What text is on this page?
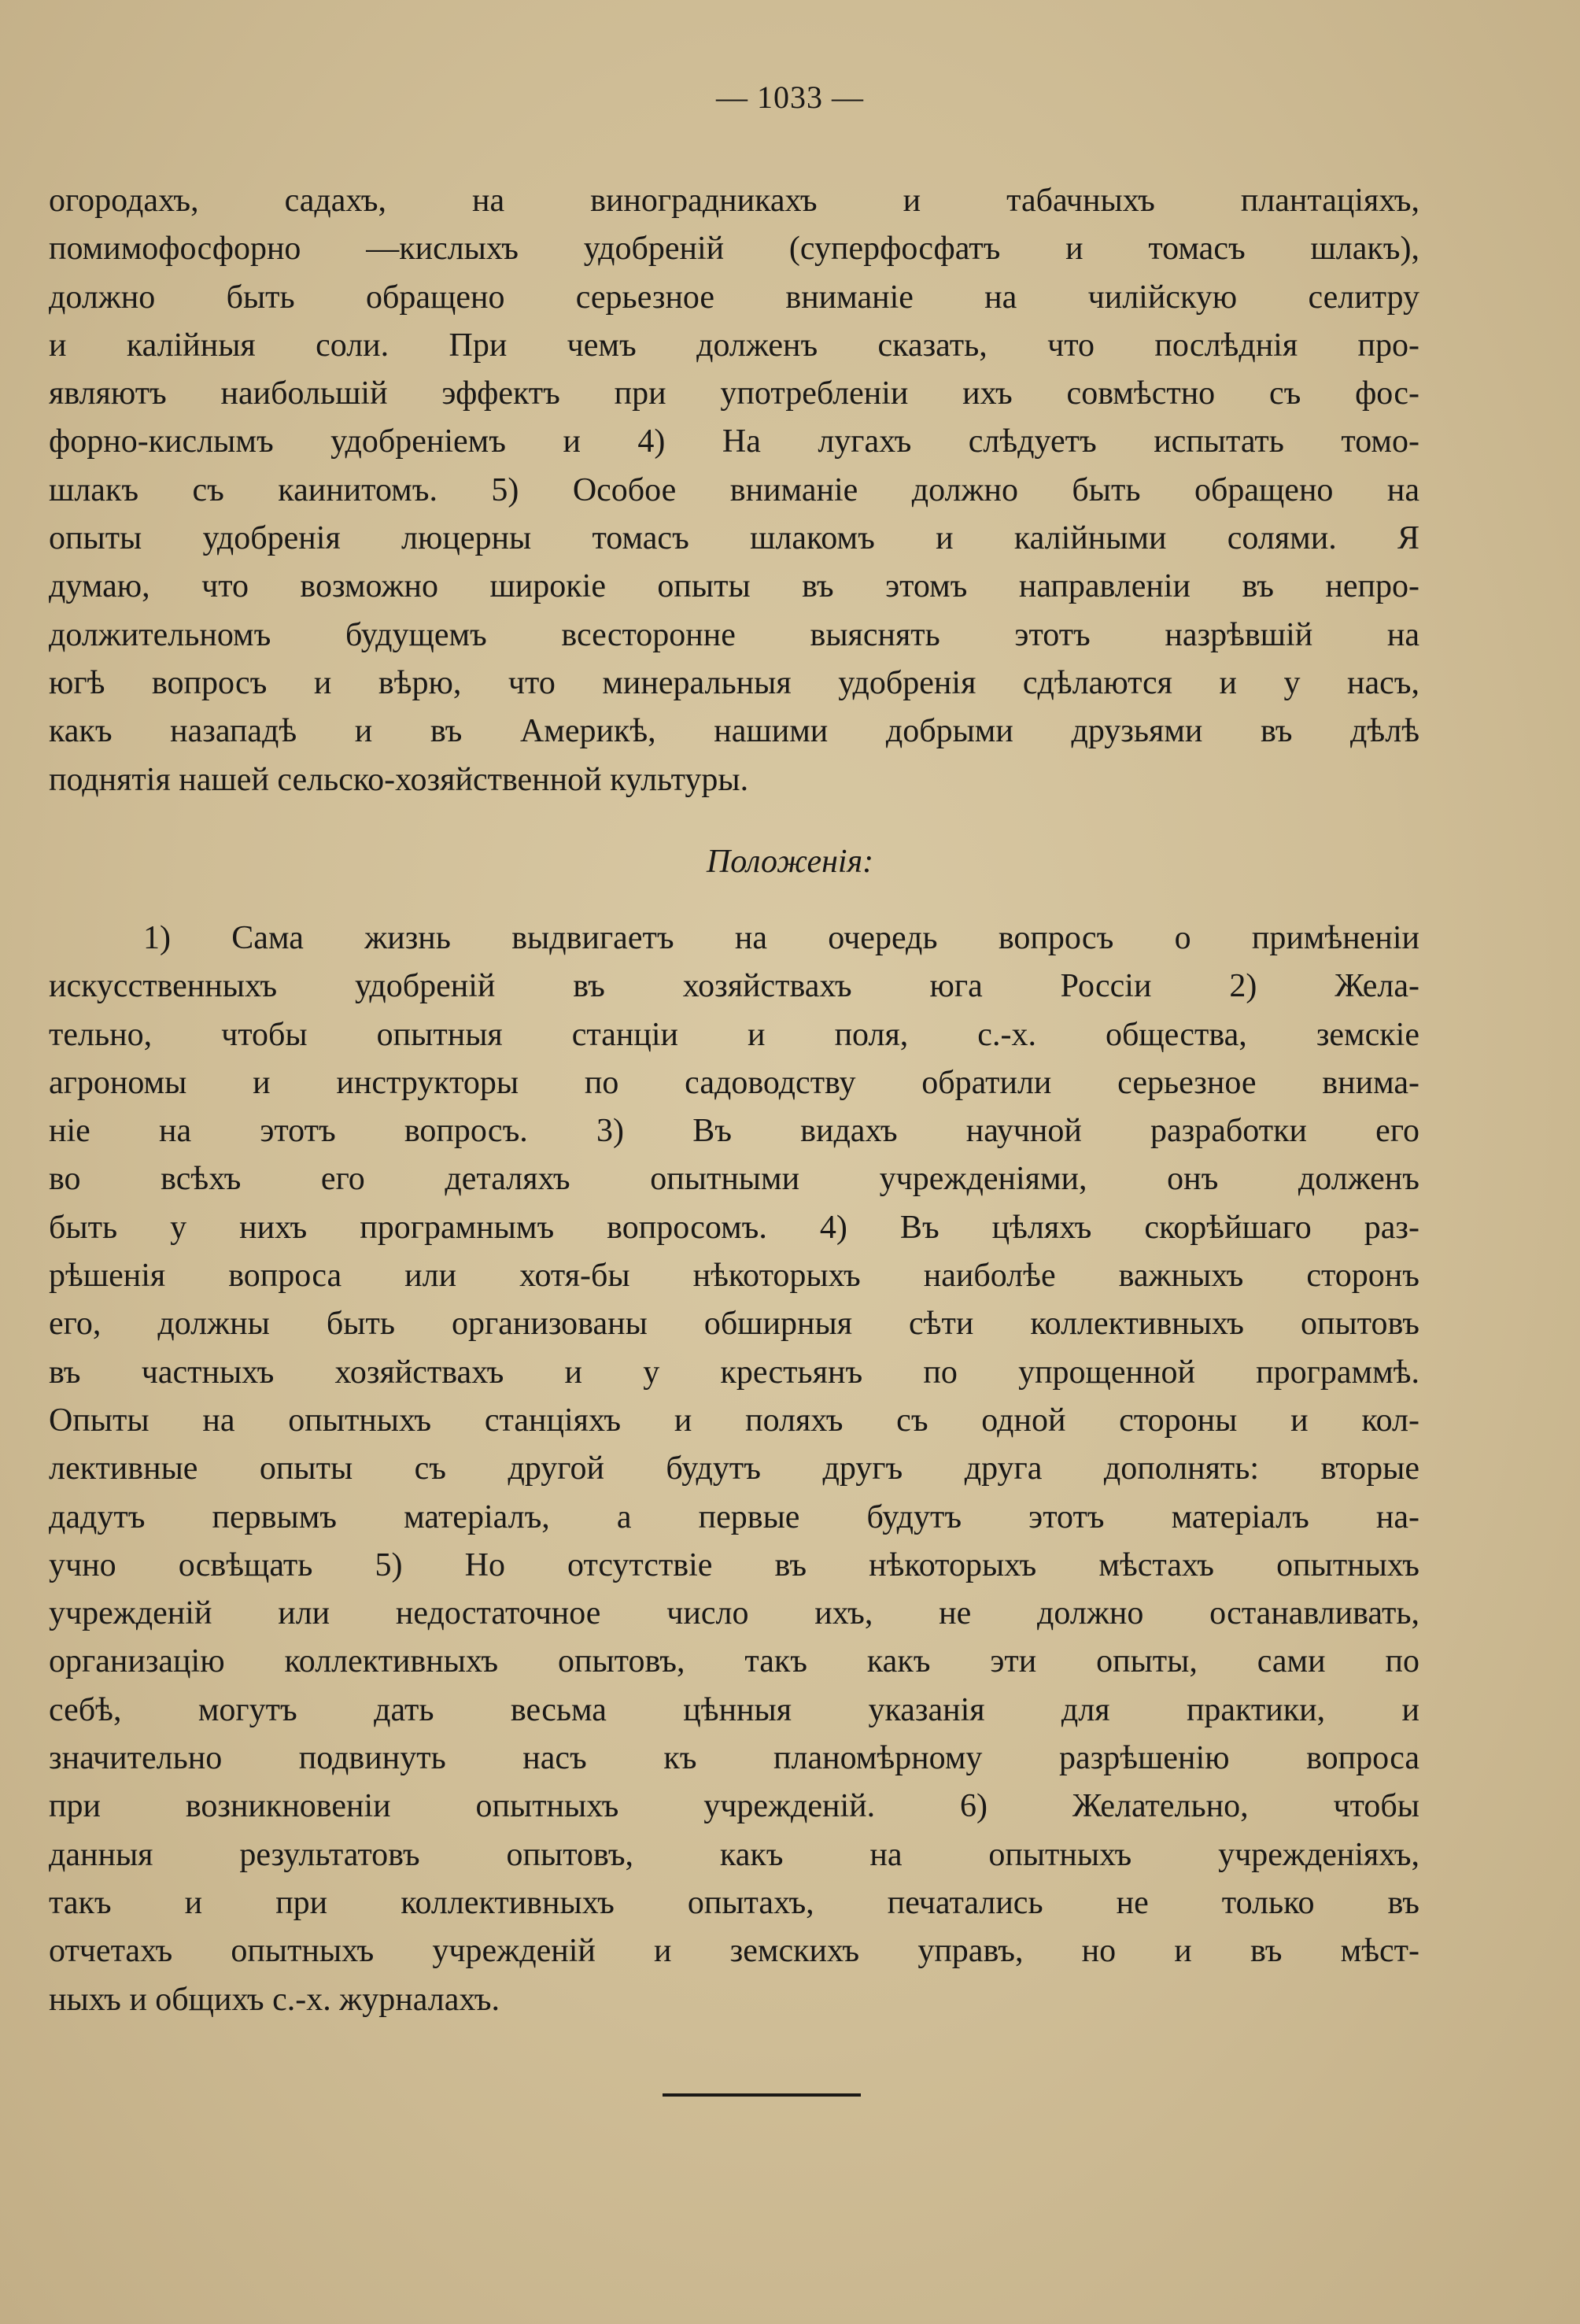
— 1033 —
огородахъ, садахъ, на виноградникахъ и табачныхъ плантаціяхъ,
помимофосфорно —кислыхъ удобреній (суперфосфатъ и томасъ шлакъ),
должно быть обращено серьезное вниманіе на чилійскую селитру
и калійныя соли. При чемъ долженъ сказать, что послѣднія про-
являютъ наибольшій эффектъ при употребленіи ихъ совмѣстно съ фос-
форно-кислымъ удобреніемъ и 4) На лугахъ слѣдуетъ испытать томо-
шлакъ съ каинитомъ. 5) Особое вниманіе должно быть обращено на
опыты удобренія люцерны томасъ шлакомъ и калійными солями. Я
думаю, что возможно широкіе опыты въ этомъ направленіи въ непро-
должительномъ будущемъ всесторонне выяснять этотъ назрѣвшій на
югѣ вопросъ и вѣрю, что минеральныя удобренія сдѣлаются и у насъ,
какъ назападѣ и въ Америкѣ, нашими добрыми друзьями въ дѣлѣ
поднятія нашей сельско-хозяйственной культуры.
Положенія:
1) Сама жизнь выдвигаетъ на очередь вопросъ о примѣненіи
искусственныхъ удобреній въ хозяйствахъ юга Россіи 2) Жела-
тельно, чтобы опытныя станціи и поля, с.-х. общества, земскіе
агрономы и инструкторы по садоводству обратили серьезное внима-
ніе на этотъ вопросъ. 3) Въ видахъ научной разработки его
во всѣхъ его деталяхъ опытными учрежденіями, онъ долженъ
быть у нихъ програмнымъ вопросомъ. 4) Въ цѣляхъ скорѣйшаго раз-
рѣшенія вопроса или хотя-бы нѣкоторыхъ наиболѣе важныхъ сторонъ
его, должны быть организованы обширныя сѣти коллективныхъ опытовъ
въ частныхъ хозяйствахъ и у крестьянъ по упрощенной программѣ.
Опыты на опытныхъ станціяхъ и поляхъ съ одной стороны и кол-
лективные опыты съ другой будутъ другъ друга дополнять: вторые
дадутъ первымъ матеріалъ, а первые будутъ этотъ матеріалъ на-
учно освѣщать 5) Но отсутствіе въ нѣкоторыхъ мѣстахъ опытныхъ
учрежденій или недостаточное число ихъ, не должно останавливать,
организацію коллективныхъ опытовъ, такъ какъ эти опыты, сами по
себѣ, могутъ дать весьма цѣнныя указанія для практики, и
значительно подвинуть насъ къ планомѣрному разрѣшенію вопроса
при возникновеніи опытныхъ учрежденій. 6) Желательно, чтобы
данныя результатовъ опытовъ, какъ на опытныхъ учрежденіяхъ,
такъ и при коллективныхъ опытахъ, печатались не только въ
отчетахъ опытныхъ учрежденій и земскихъ управъ, но и въ мѣст-
ныхъ и общихъ с.-х. журналахъ.
